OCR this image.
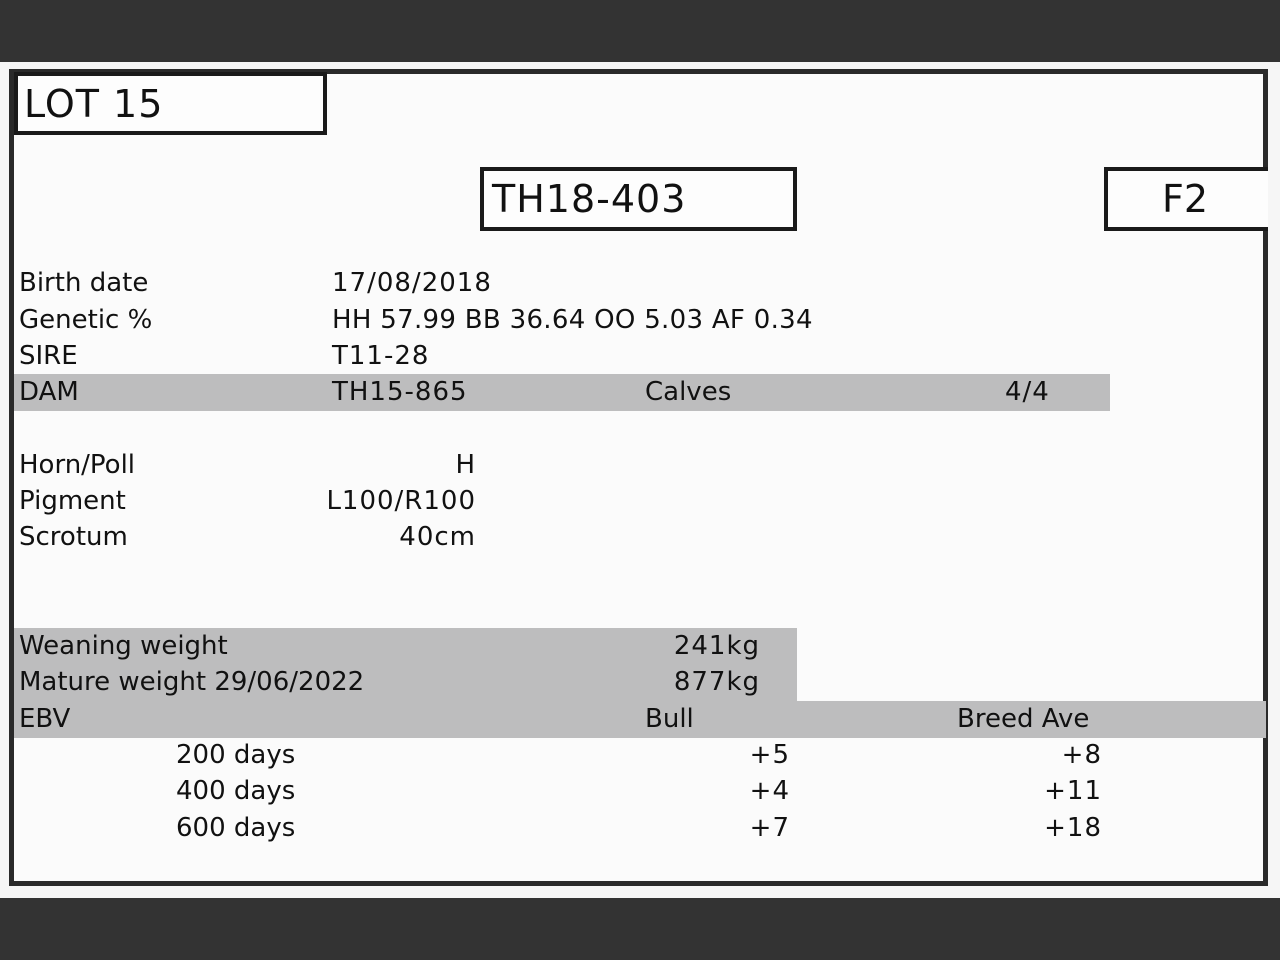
LOT 15
TH18-403	F2
Birth date	17/08/2018
Genetic %	HH 57.99 BB 36.64 OO 5.03 AF 0.34
SIRE	T11-28
DAM	TH15-865	Calves	4/4
Horn/Poll	H
Pigment	L100/R100
Scrotum	40cm
Weaning weight	241kg
Mature weight 29/06/2022	877kg
EBV	Bull	Breed Ave
200 days	+5	+8
400 days	+4	+11
600 days	+7	+18
